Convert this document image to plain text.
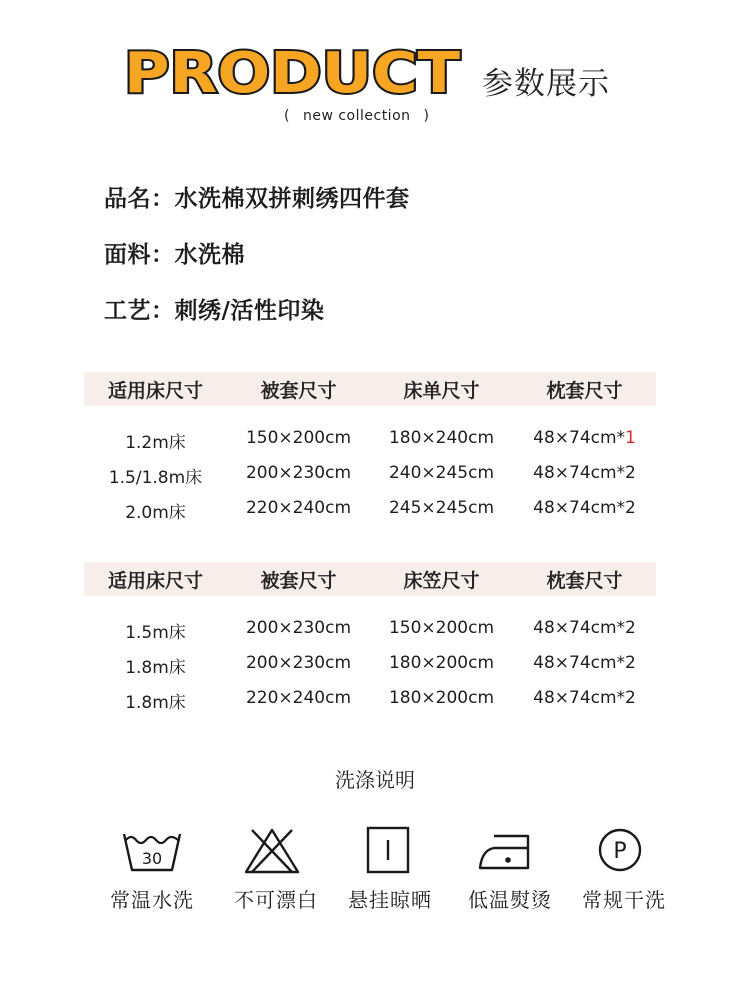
PRODUCT 参数展示
( new collection )
品名：水洗棉双拼刺绣四件套
面料：水洗棉
工艺：刺绣/活性印染
适用床尺寸	被套尺寸	床单尺寸	枕套尺寸
1.2m床	150×200cm	180×240cm	48×74cm*1
1.5/1.8m床	200×230cm	240×245cm	48×74cm*2
2.0m床	220×240cm	245×245cm	48×74cm*2
适用床尺寸	被套尺寸	床笠尺寸	枕套尺寸
1.5m床	200×230cm	150×200cm	48×74cm*2
1.8m床	200×230cm	180×200cm	48×74cm*2
1.8m床	220×240cm	180×200cm	48×74cm*2
洗涤说明
30	P
常温水洗	不可漂白	悬挂晾晒	低温熨烫	常规干洗
